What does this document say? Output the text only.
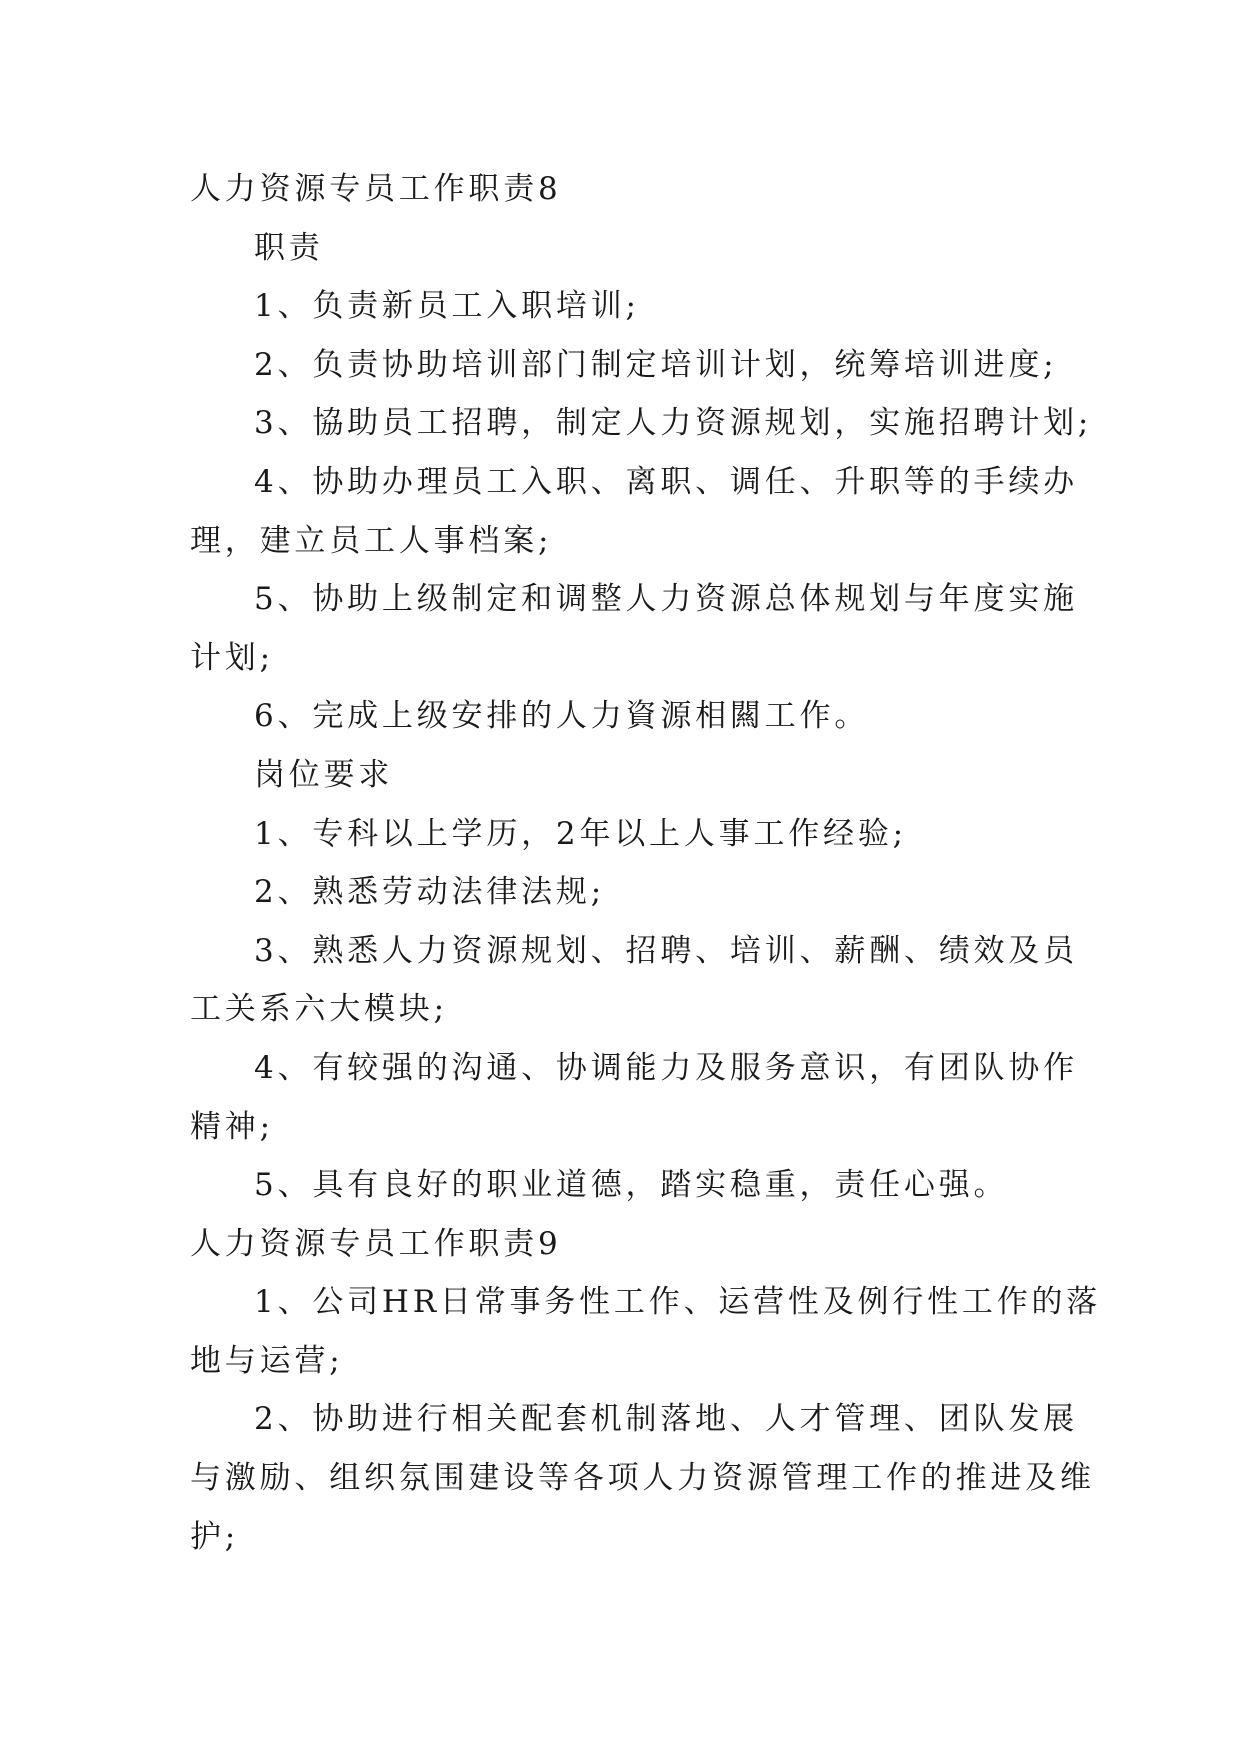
人力资源专员工作职责8
职责
1、负责新员工入职培训;
2、负责协助培训部门制定培训计划，统筹培训进度;
3、協助员工招聘，制定人力资源规划，实施招聘计划;
4、协助办理员工入职、离职、调任、升职等的手续办
理，建立员工人事档案;
5、协助上级制定和调整人力资源总体规划与年度实施
计划;
6、完成上级安排的人力資源相闗工作。
岗位要求
1、专科以上学历，2年以上人事工作经验;
2、熟悉劳动法律法规;
3、熟悉人力资源规划、招聘、培训、薪酬、绩效及员
工关系六大模块;
4、有较强的沟通、协调能力及服务意识，有团队协作
精神;
5、具有良好的职业道德，踏实稳重，责任心强。
人力资源专员工作职责9
1、公司HR日常事务性工作、运营性及例行性工作的落
地与运营;
2、协助进行相关配套机制落地、人才管理、团队发展
与激励、组织氛围建设等各项人力资源管理工作的推进及维
护;
